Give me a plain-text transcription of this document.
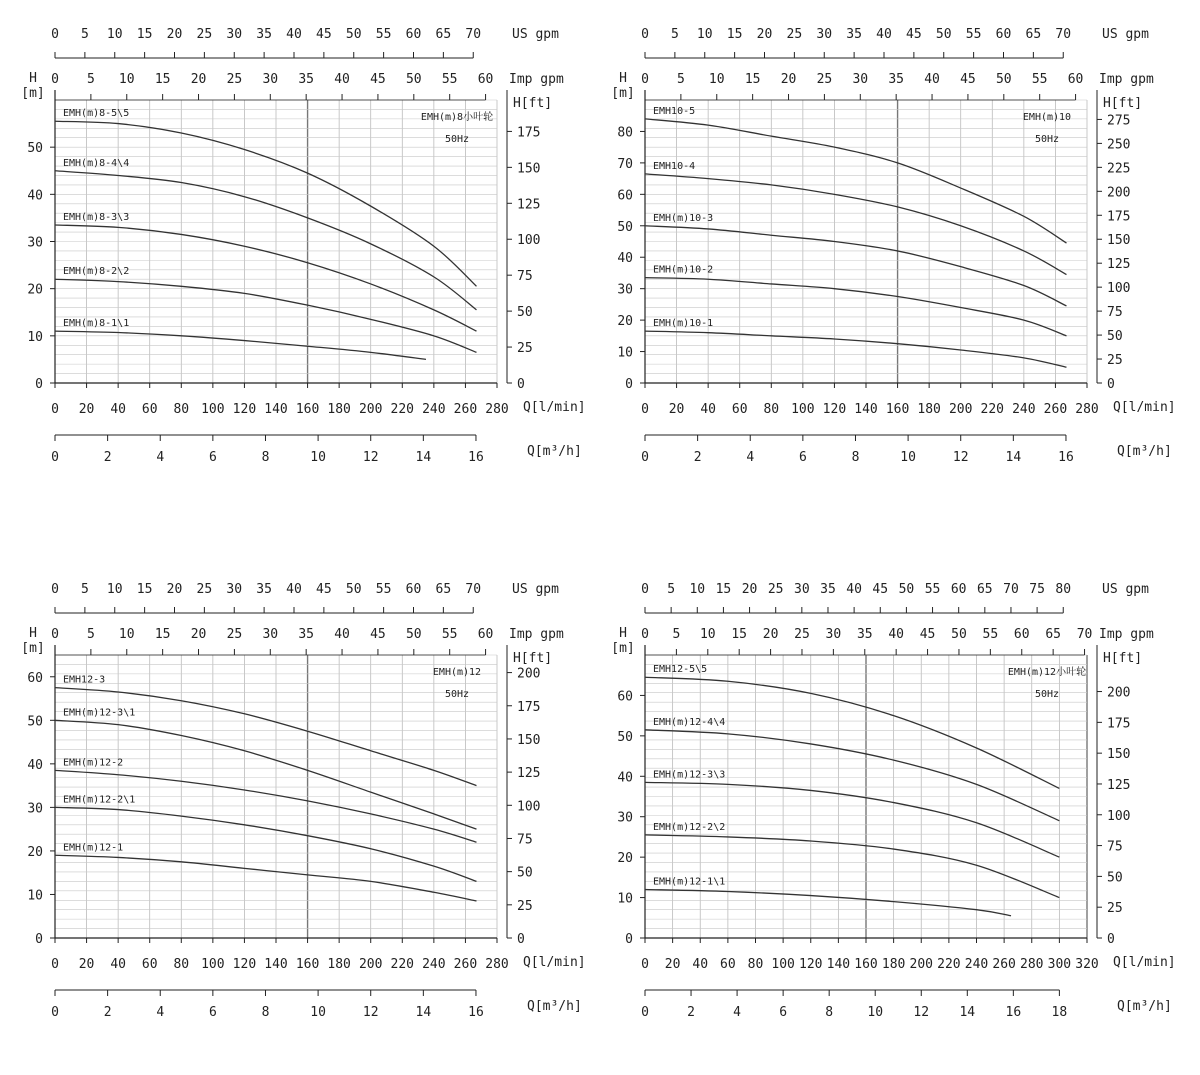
0
10
20
30
40
50
H
[m]
0
25
50
75
100
125
150
175
H[ft]
0 20 40 60 80 100 120 140 160 180 200 220 240 260 280 Q[l/min]
0	2	4	6	8	10	12	14	16	Q[m³/h]
0 5 10 15 20 25 30 35 40 45 50 55 60 65 70 US gpm
0 5 10 15 20 25 30 35 40 45 50 55 60 Imp gpm
EMH(m)8小叶轮
50Hz
EMH(m)8-5\5
EMH(m)8-4\4
EMH(m)8-3\3
EMH(m)8-2\2
EMH(m)8-1\1
0
10
20
30
40
50
60
70
80
H
[m]
0
25
50
75
100
125
150
175
200
225
250
275
H[ft]
0 20 40 60 80 100 120 140 160 180 200 220 240 260 280 Q[l/min]
0	2	4	6	8	10	12	14	16	Q[m³/h]
0 5 10 15 20 25 30 35 40 45 50 55 60 65 70 US gpm
0 5 10 15 20 25 30 35 40 45 50 55 60 Imp gpm
EMH(m)10
50Hz
EMH10-5
EMH10-4
EMH(m)10-3
EMH(m)10-2
EMH(m)10-1
0
10
20
30
40
50
60
H
[m]
0
25
50
75
100
125
150
175
200
H[ft]
0 20 40 60 80 100 120 140 160 180 200 220 240 260 280 Q[l/min]
0	2	4	6	8	10	12	14	16	Q[m³/h]
0 5 10 15 20 25 30 35 40 45 50 55 60 65 70 US gpm
0 5 10 15 20 25 30 35 40 45 50 55 60 Imp gpm
EMH(m)12
50Hz
EMH12-3
EMH(m)12-3\1
EMH(m)12-2
EMH(m)12-2\1
EMH(m)12-1
0
10
20
30
40
50
60
H
[m]
0
25
50
75
100
125
150
175
200
H[ft]
0 20 40 60 80 100 120 140 160 180 200 220 240 260 280 300 320 Q[l/min]
0	2	4	6	8	10 12 14 16 18	Q[m³/h]
0 5 10 15 20 25 30 35 40 45 50 55 60 65 70 75 80 US gpm
0 5 10 15 20 25 30 35 40 45 50 55 60 65 70 Imp gpm
EMH(m)12小叶轮
50Hz
EMH12-5\5
EMH(m)12-4\4
EMH(m)12-3\3
EMH(m)12-2\2
EMH(m)12-1\1
